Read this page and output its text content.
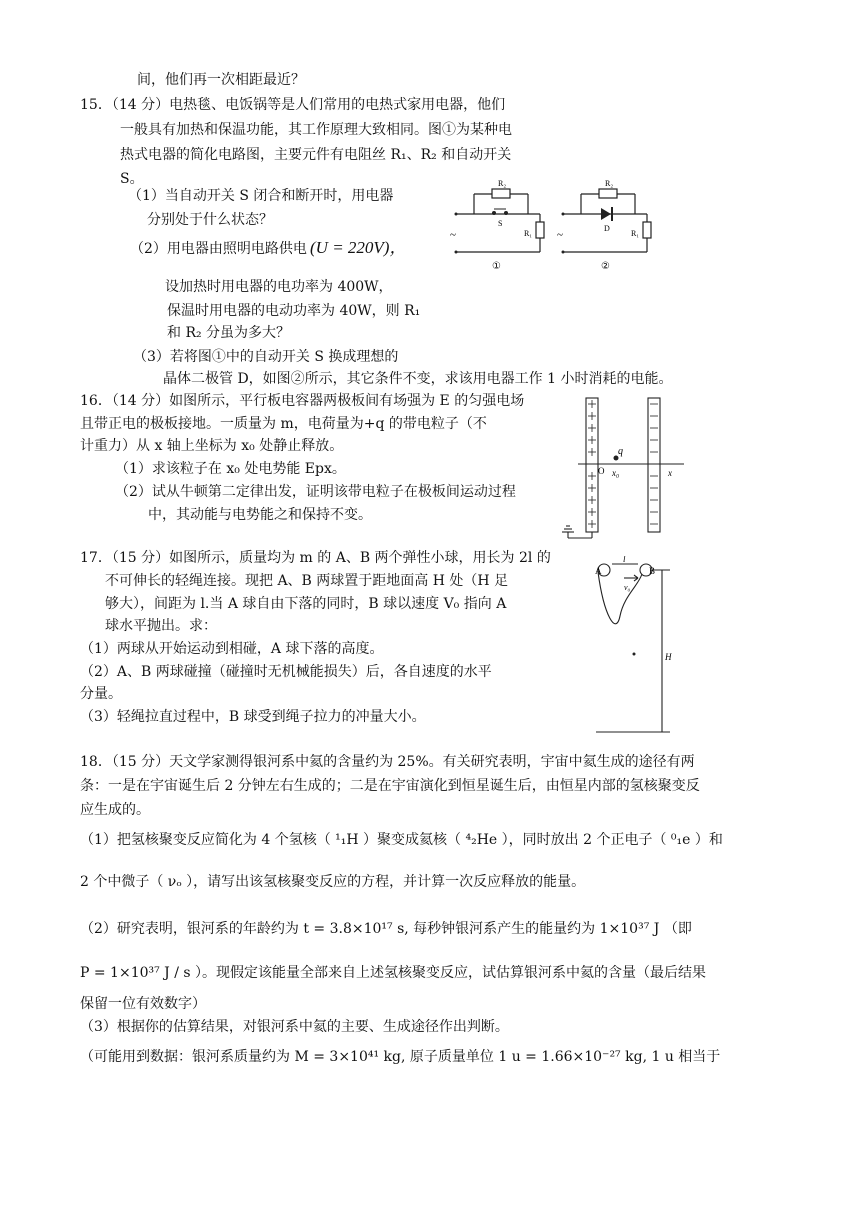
间，他们再一次相距最近？
15．（14 分）电热毯、电饭锅等是人们常用的电热式家用电器，他们
一般具有加热和保温功能，其工作原理大致相同。图①为某种电
热式电器的简化电路图，主要元件有电阻丝 R₁、R₂ 和自动开关
S。
（1）当自动开关 S 闭合和断开时，用电器
分别处于什么状态？
（2）用电器由照明电路供电 (U = 220V)，
设加热时用电器的电功率为 400W，
保温时用电器的电动功率为 40W，则 R₁
和 R₂ 分虽为多大？
（3）若将图①中的自动开关 S 换成理想的
晶体二极管 D，如图②所示，其它条件不变，求该用电器工作 1 小时消耗的电能。
16．（14 分）如图所示，平行板电容器两极板间有场强为 E 的匀强电场
且带正电的极板接地。一质量为 m，电荷量为+q 的带电粒子（不
计重力）从 x 轴上坐标为 x₀ 处静止释放。
（1）求该粒子在 x₀ 处电势能 Epx。
（2）试从牛顿第二定律出发，证明该带电粒子在极板间运动过程
中，其动能与电势能之和保持不变。
17．（15 分）如图所示，质量均为 m 的 A、B 两个弹性小球，用长为 2l 的
不可伸长的轻绳连接。现把 A、B 两球置于距地面高 H 处（H 足
够大），间距为 l.当 A 球自由下落的同时，B 球以速度 V₀ 指向 A
球水平抛出。求：
（1）两球从开始运动到相碰，A 球下落的高度。
（2）A、B 两球碰撞（碰撞时无机械能损失）后，各自速度的水平
分量。
（3）轻绳拉直过程中，B 球受到绳子拉力的冲量大小。
18．（15 分）天文学家测得银河系中氦的含量约为 25%。有关研究表明，宇宙中氦生成的途径有两
条：一是在宇宙诞生后 2 分钟左右生成的；二是在宇宙演化到恒星诞生后，由恒星内部的氢核聚变反
应生成的。
（1）把氢核聚变反应简化为 4 个氢核（ ¹₁H ）聚变成氦核（ ⁴₂He ），同时放出 2 个正电子（ ⁰₁e ）和
2 个中微子（ νₒ ），请写出该氢核聚变反应的方程，并计算一次反应释放的能量。
（2）研究表明，银河系的年龄约为 t = 3.8×10¹⁷ s, 每秒钟银河系产生的能量约为 1×10³⁷ J （即
P = 1×10³⁷ J / s ）。现假定该能量全部来自上述氢核聚变反应，试估算银河系中氦的含量（最后结果
保留一位有效数字）
（3）根据你的估算结果，对银河系中氦的主要、生成途径作出判断。
（可能用到数据：银河系质量约为 M = 3×10⁴¹ kg, 原子质量单位 1 u = 1.66×10⁻²⁷ kg, 1 u 相当于
R₂
S
R₁
~
①
R₂
D
R₁
~
②
q
O x₀	x
A	B
l
v₀
H
